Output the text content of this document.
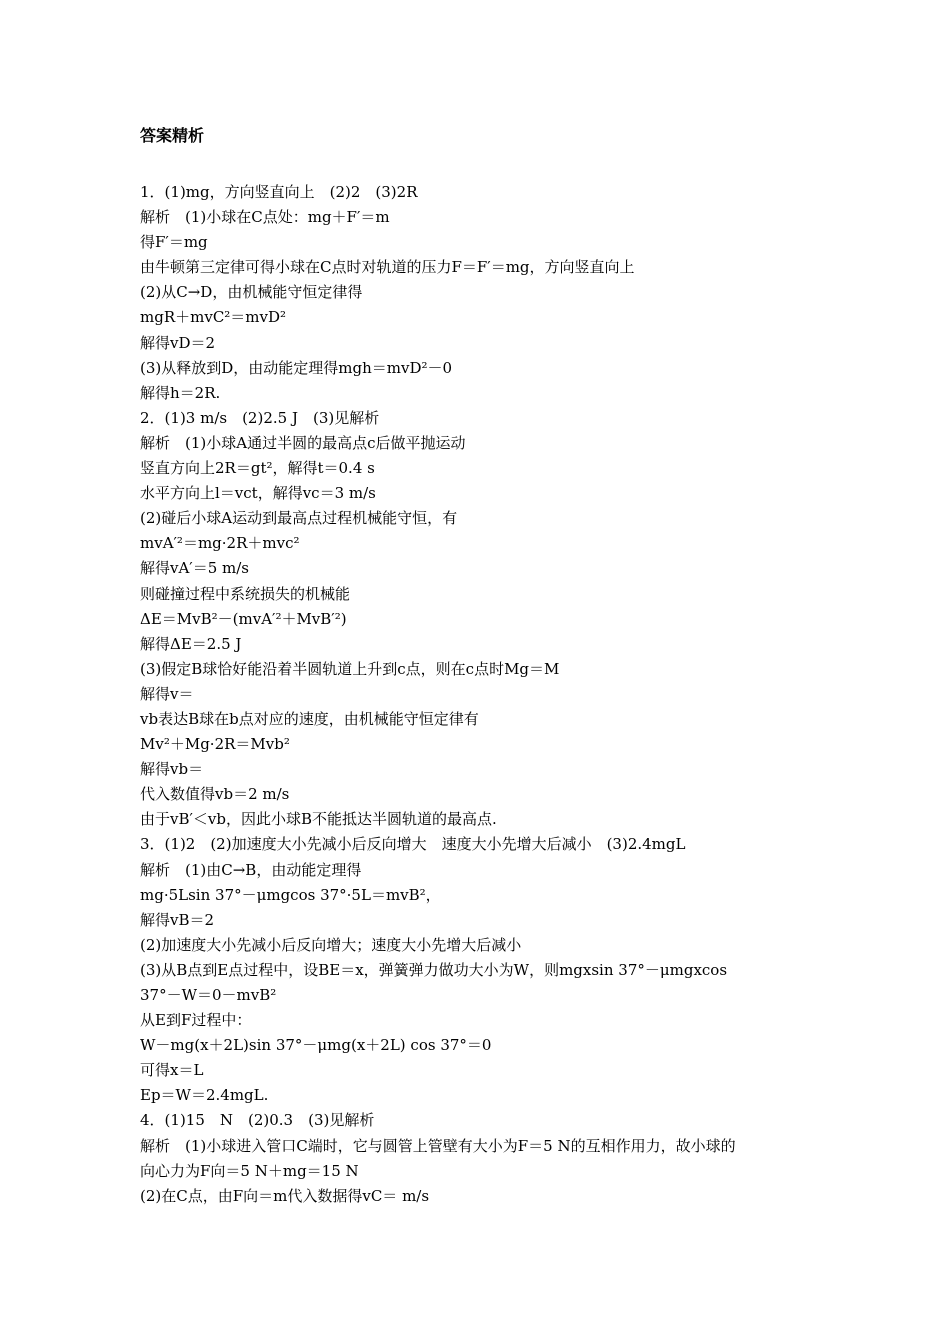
答案精析
1．(1)mg，方向竖直向上　(2)2　(3)2R
解析　(1)小球在C点处：mg＋F′＝m
得F′＝mg
由牛顿第三定律可得小球在C点时对轨道的压力F＝F′＝mg，方向竖直向上
(2)从C→D，由机械能守恒定律得
mgR＋mvC²＝mvD²
解得vD＝2
(3)从释放到D，由动能定理得mgh＝mvD²－0
解得h＝2R.
2．(1)3 m/s　(2)2.5 J　(3)见解析
解析　(1)小球A通过半圆的最高点c后做平抛运动
竖直方向上2R＝gt²，解得t＝0.4 s
水平方向上l＝vct，解得vc＝3 m/s
(2)碰后小球A运动到最高点过程机械能守恒，有
mvA′²＝mg·2R＋mvc²
解得vA′＝5 m/s
则碰撞过程中系统损失的机械能
ΔE＝MvB²－(mvA′²＋MvB′²)
解得ΔE＝2.5 J
(3)假定B球恰好能沿着半圆轨道上升到c点，则在c点时Mg＝M
解得v＝
vb表达B球在b点对应的速度，由机械能守恒定律有
Mv²＋Mg·2R＝Mvb²
解得vb＝
代入数值得vb＝2 m/s
由于vB′＜vb，因此小球B不能抵达半圆轨道的最高点.
3．(1)2　(2)加速度大小先减小后反向增大　速度大小先增大后减小　(3)2.4mgL
解析　(1)由C→B，由动能定理得
mg·5Lsin 37°－μmgcos 37°·5L＝mvB²，
解得vB＝2
(2)加速度大小先减小后反向增大；速度大小先增大后减小
(3)从B点到E点过程中，设BE＝x，弹簧弹力做功大小为W，则mgxsin 37°－μmgxcos
37°－W＝0－mvB²
从E到F过程中：
W－mg(x＋2L)sin 37°－μmg(x＋2L) cos 37°＝0
可得x＝L
Ep＝W＝2.4mgL.
4．(1)15　N　(2)0.3　(3)见解析
解析　(1)小球进入管口C端时，它与圆管上管壁有大小为F＝5 N的互相作用力，故小球的
向心力为F向＝5 N＋mg＝15 N
(2)在C点，由F向＝m代入数据得vC＝ m/s
